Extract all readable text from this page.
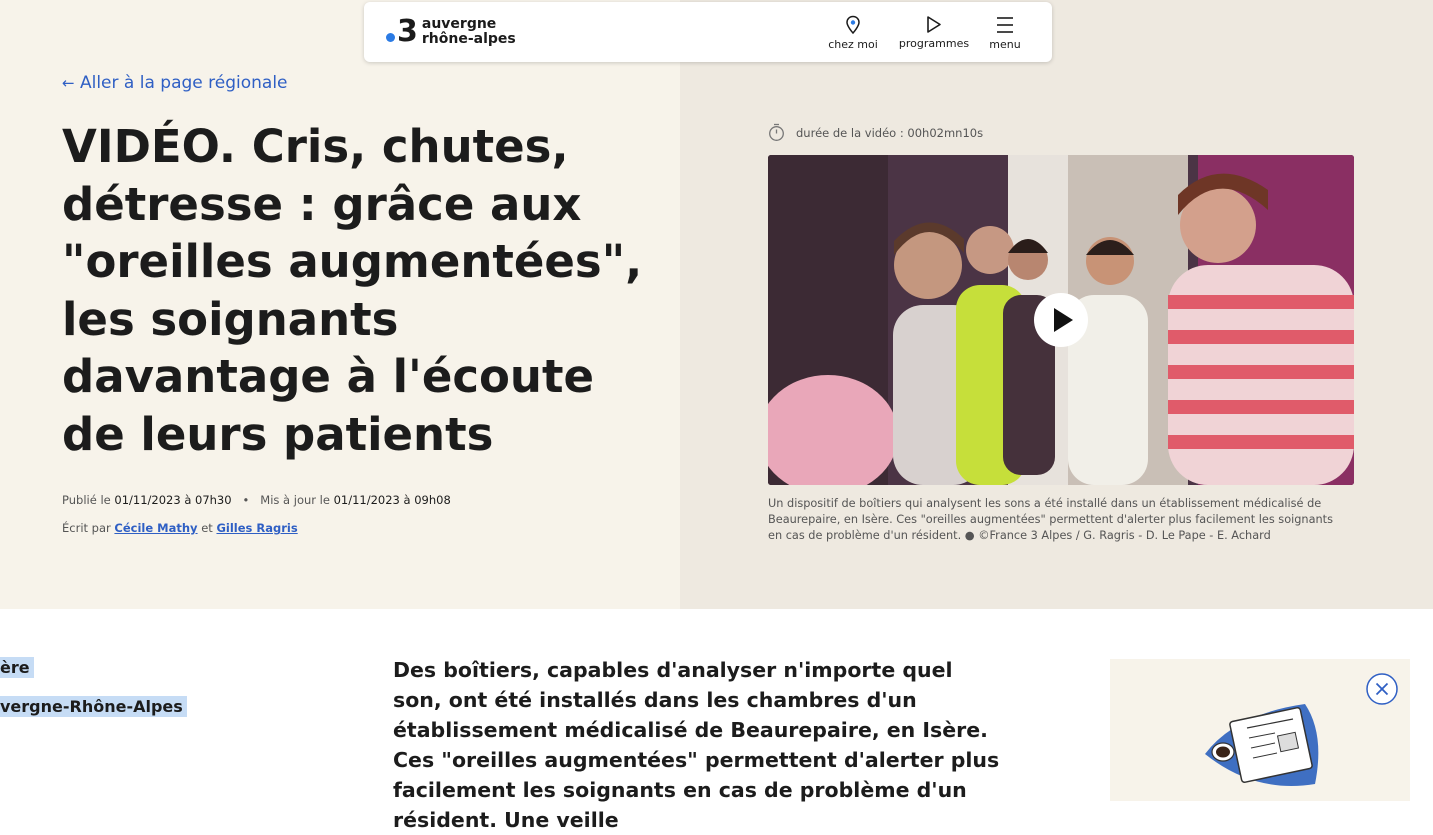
3 auvergne
rhône-alpes	chez moi	programmes	menu
← Aller à la page régionale
VIDÉO. Cris, chutes, détresse : grâce aux "oreilles augmentées", les soignants davantage à l'écoute de leurs patients
Publié le 01/11/2023 à 07h30   •   Mis à jour le 01/11/2023 à 09h08
Écrit par Cécile Mathy et Gilles Ragris
durée de la vidéo : 00h02mn10s

Un dispositif de boîtiers qui analysent les sons a été installé dans un établissement médicalisé de Beaurepaire, en Isère. Ces "oreilles augmentées" permettent d'alerter plus facilement les soignants en cas de problème d'un résident. ● ©France 3 Alpes / G. Ragris - D. Le Pape - E. Achard

ère
vergne-Rhône-Alpes

Des boîtiers, capables d'analyser n'importe quel son, ont été installés dans les chambres d'un établissement médicalisé de Beaurepaire, en Isère. Ces "oreilles augmentées" permettent d'alerter plus facilement les soignants en cas de problème d'un résident. Une veille
